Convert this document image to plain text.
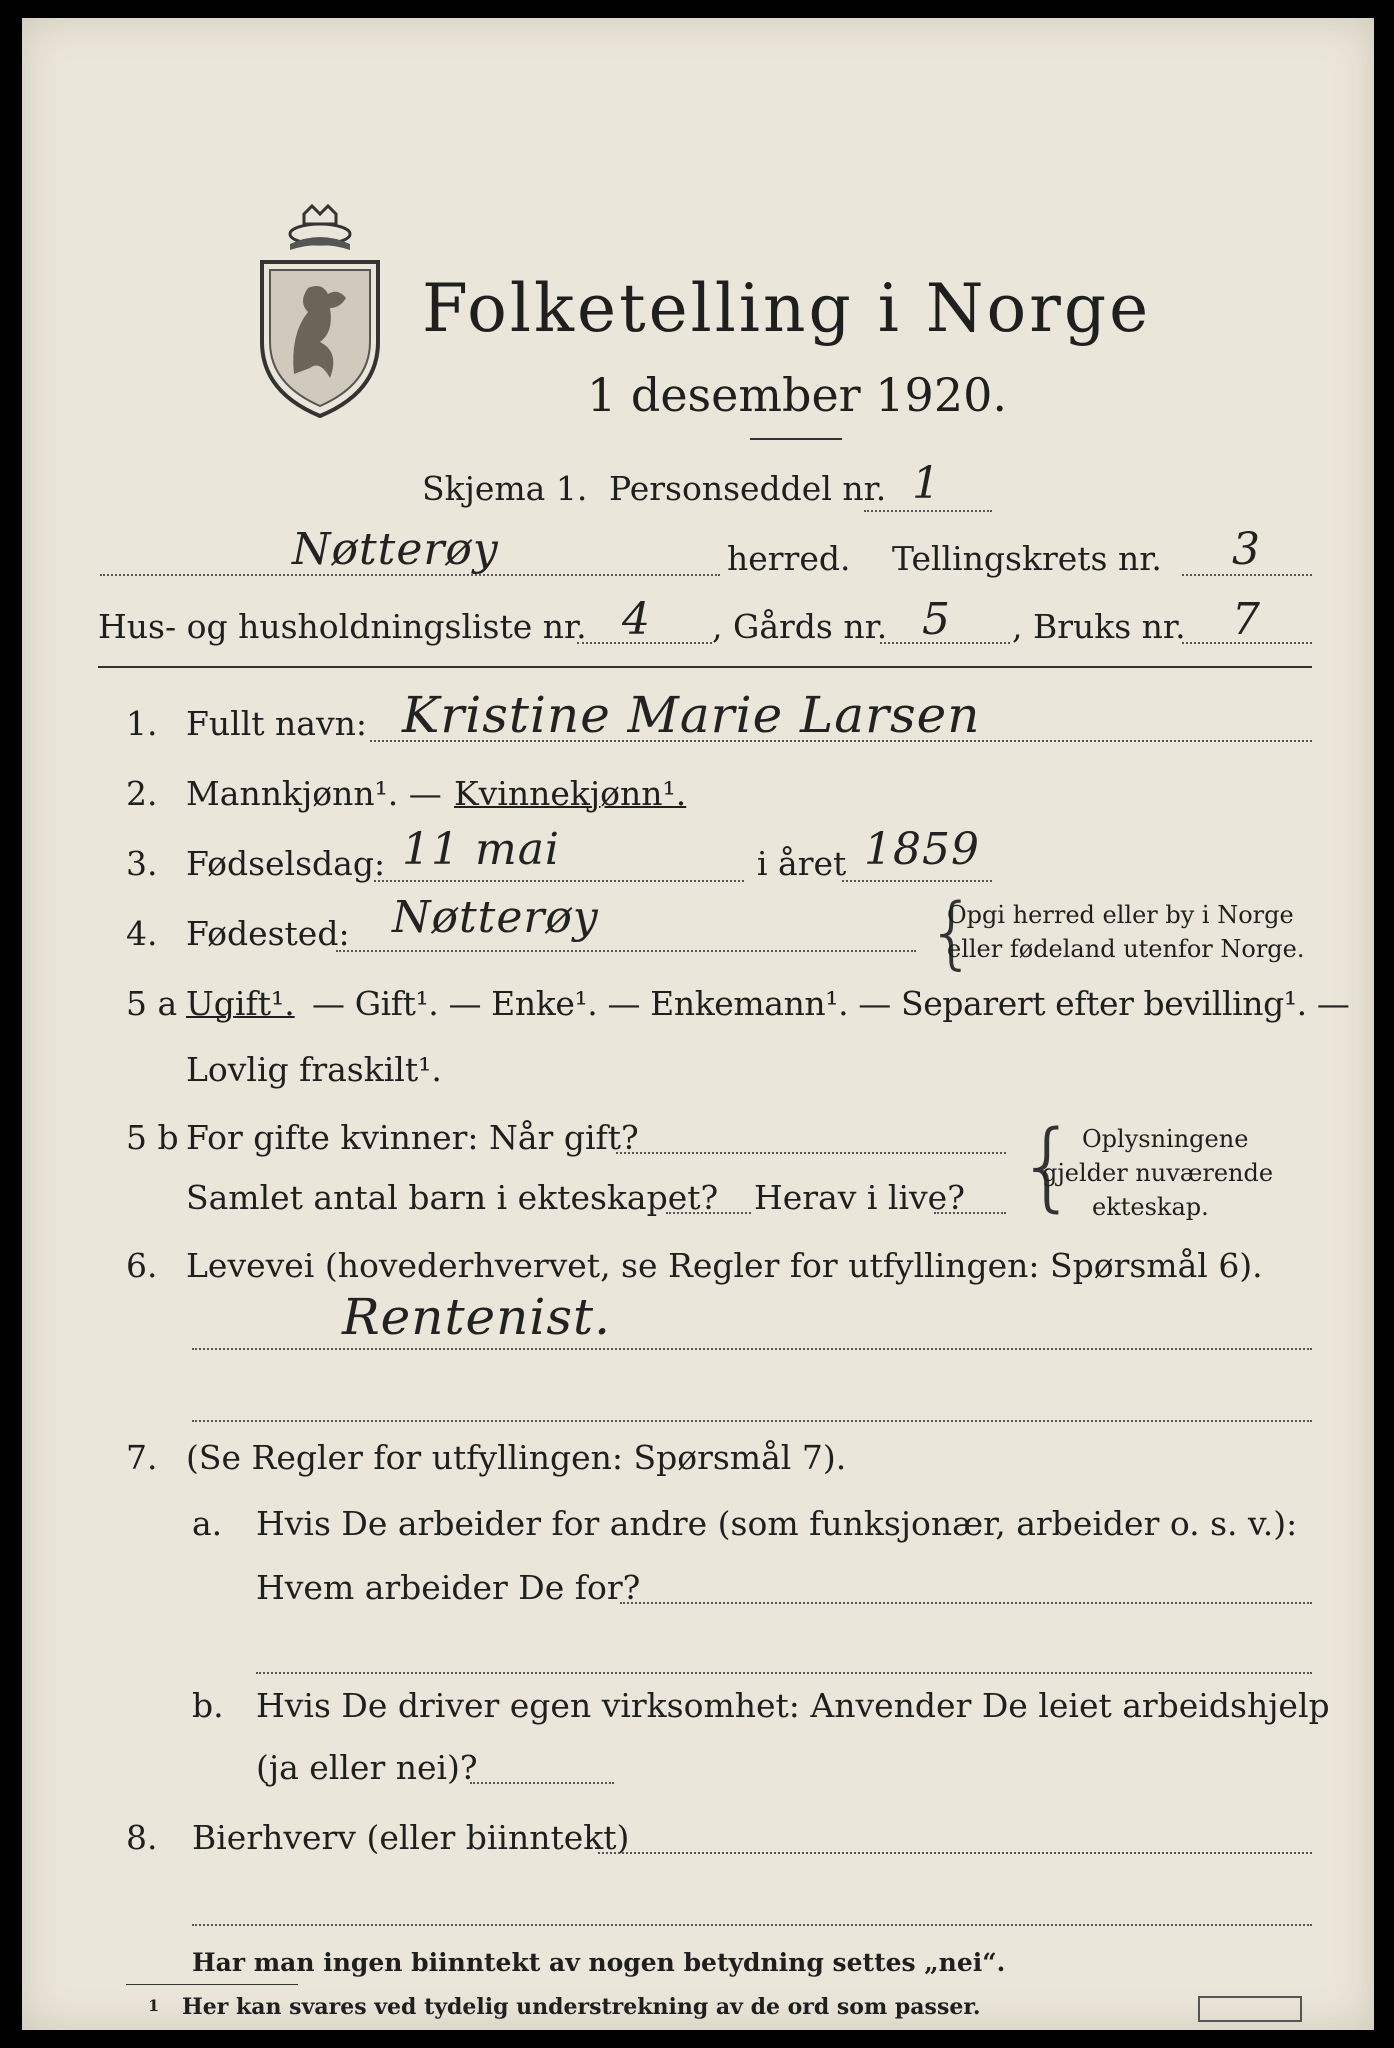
Folketelling i Norge
1 desember 1920.
Skjema 1. Personseddel nr. 1
Nøtterøy	herred. Tellingskrets nr. 3
Hus- og husholdningsliste nr. 4 , Gårds nr. 5 , Bruks nr. 7
1. Fullt navn: Kristine Marie Larsen
2. Mannkjønn¹. — Kvinnekjønn¹.
3. Fødselsdag: 11 mai	i året 1859
4. Fødested: Nøtterøy	{
Opgi herred eller by i Norge
eller fødeland utenfor Norge.
5 a Ugift¹. — Gift¹. — Enke¹. — Enkemann¹. — Separert efter bevilling¹. —
Lovlig fraskilt¹.
5 b For gifte kvinner: Når gift?
Samlet antal barn i ekteskapet? Herav i live? { Oplysningene
gjelder nuværende
ekteskap.
6. Levevei (hovederhvervet, se Regler for utfyllingen: Spørsmål 6).
Rentenist.
7. (Se Regler for utfyllingen: Spørsmål 7).
a. Hvis De arbeider for andre (som funksjonær, arbeider o. s. v.):
Hvem arbeider De for?
b. Hvis De driver egen virksomhet: Anvender De leiet arbeidshjelp
(ja eller nei)?
8. Bierhverv (eller biinntekt)
Har man ingen biinntekt av nogen betydning settes „nei“.
1 Her kan svares ved tydelig understrekning av de ord som passer.
